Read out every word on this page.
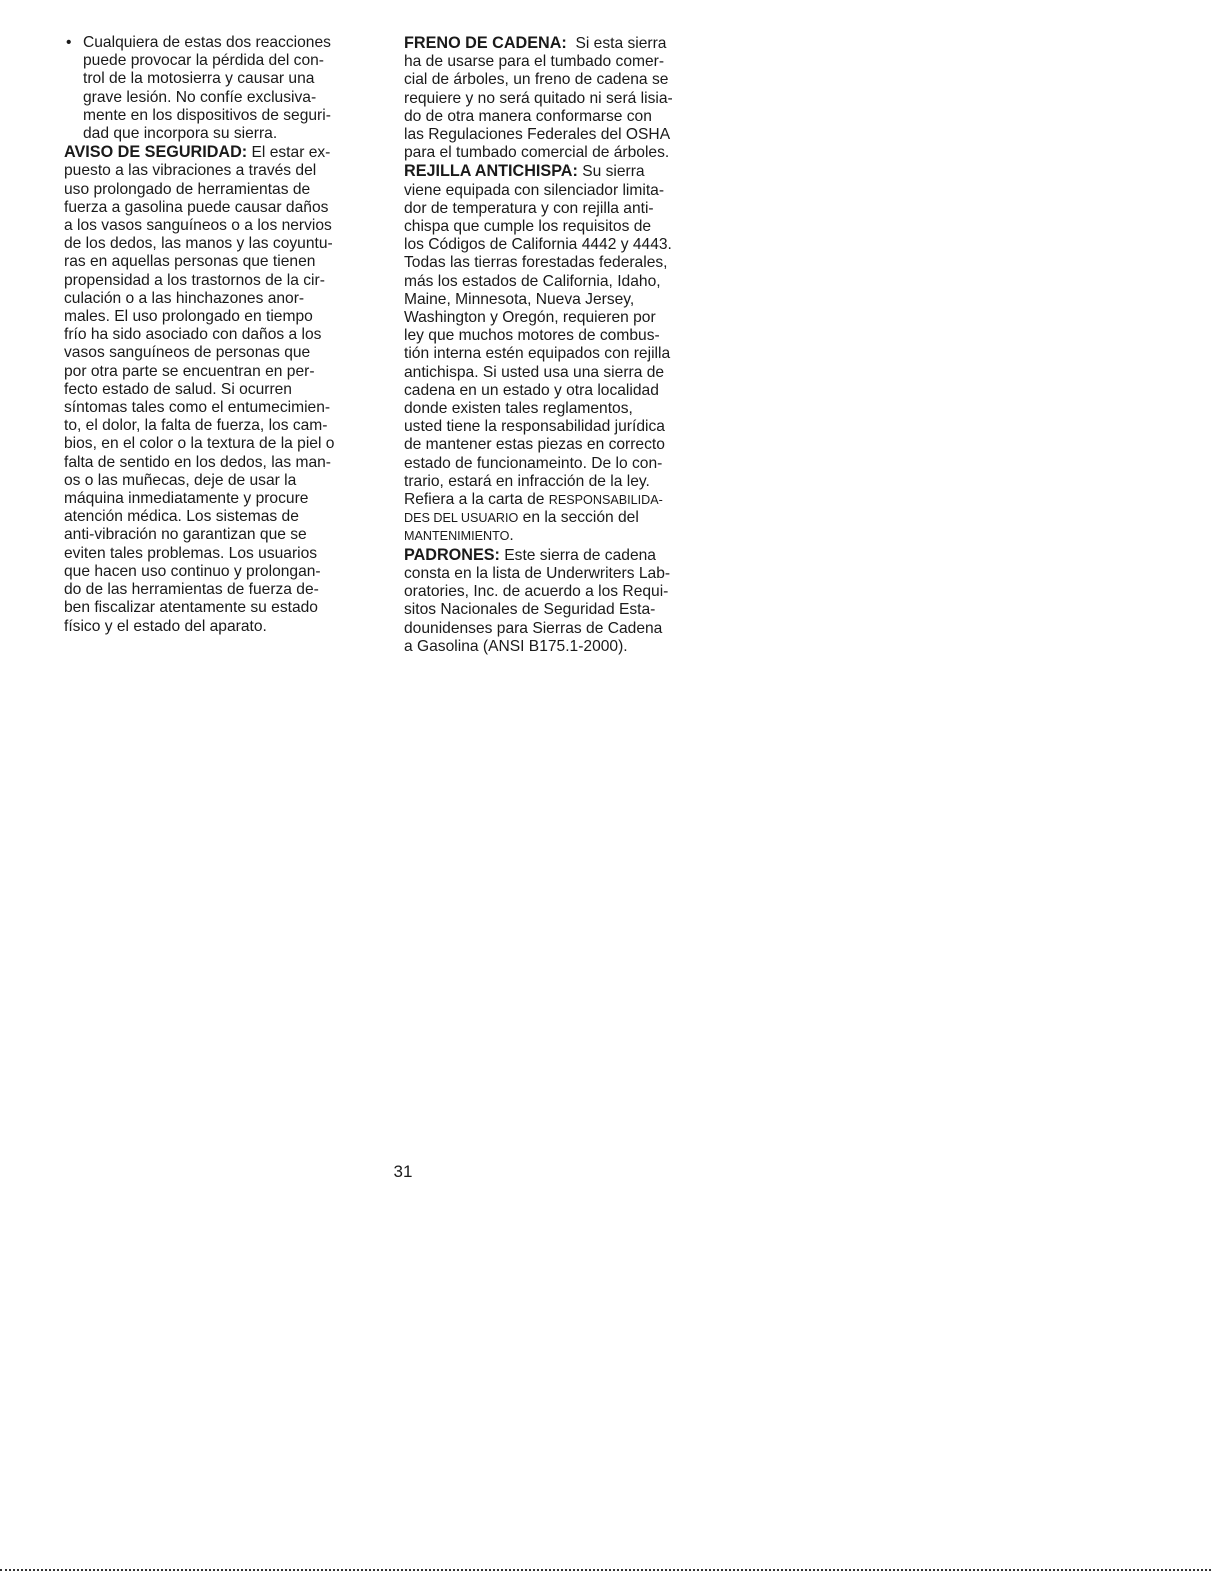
• Cualquiera de estas dos reacciones
puede provocar la pérdida del con-
trol de la motosierra y causar una
grave lesión. No confíe exclusiva-
mente en los dispositivos de seguri-
dad que incorpora su sierra.
AVISO DE SEGURIDAD: El estar ex-
puesto a las vibraciones a través del
uso prolongado de herramientas de
fuerza a gasolina puede causar daños
a los vasos sanguíneos o a los nervios
de los dedos, las manos y las coyuntu-
ras en aquellas personas que tienen
propensidad a los trastornos de la cir-
culación o a las hinchazones anor-
males. El uso prolongado en tiempo
frío ha sido asociado con daños a los
vasos sanguíneos de personas que
por otra parte se encuentran en per-
fecto estado de salud. Si ocurren
síntomas tales como el entumecimien-
to, el dolor, la falta de fuerza, los cam-
bios, en el color o la textura de la piel o
falta de sentido en los dedos, las man-
os o las muñecas, deje de usar la
máquina inmediatamente y procure
atención médica. Los sistemas de
anti-vibración no garantizan que se
eviten tales problemas. Los usuarios
que hacen uso continuo y prolongan-
do de las herramientas de fuerza de-
ben fiscalizar atentamente su estado
físico y el estado del aparato.
FRENO DE CADENA:  Si esta sierra
ha de usarse para el tumbado comer-
cial de árboles, un freno de cadena se
requiere y no será quitado ni será lisia-
do de otra manera conformarse con
las Regulaciones Federales del OSHA
para el tumbado comercial de árboles.
REJILLA ANTICHISPA: Su sierra
viene equipada con silenciador limita-
dor de temperatura y con rejilla anti-
chispa que cumple los requisitos de
los Códigos de California 4442 y 4443.
Todas las tierras forestadas federales,
más los estados de California, Idaho,
Maine, Minnesota, Nueva Jersey,
Washington y Oregón, requieren por
ley que muchos motores de combus-
tión interna estén equipados con rejilla
antichispa. Si usted usa una sierra de
cadena en un estado y otra localidad
donde existen tales reglamentos,
usted tiene la responsabilidad jurídica
de mantener estas piezas en correcto
estado de funcionameinto. De lo con-
trario, estará en infracción de la ley.
Refiera a la carta de RESPONSABILIDA-
DES DEL USUARIO en la sección del
MANTENIMIENTO.
PADRONES: Este sierra de cadena
consta en la lista de Underwriters Lab-
oratories, Inc. de acuerdo a los Requi-
sitos Nacionales de Seguridad Esta-
dounidenses para Sierras de Cadena
a Gasolina (ANSI B175.1-2000).
31
